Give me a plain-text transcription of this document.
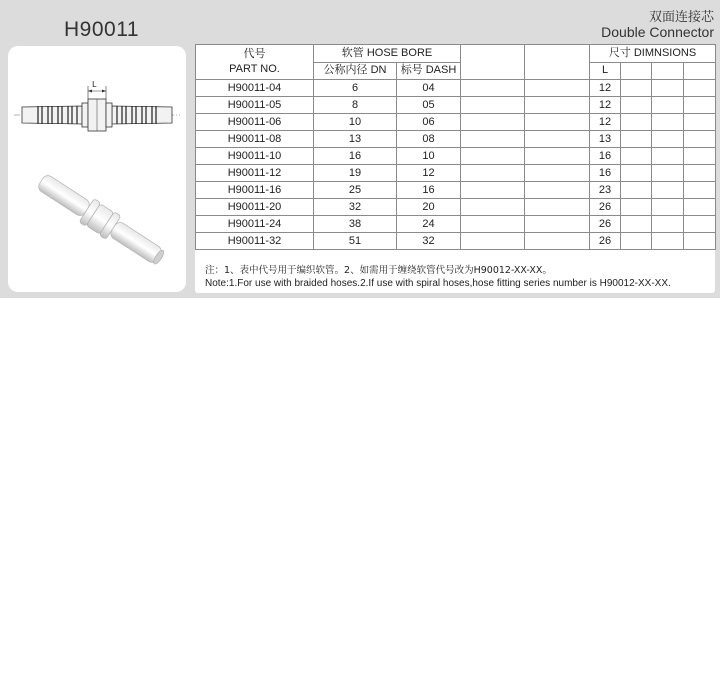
H90011
双面连接芯
Double Connector
L
代号
PART NO.	软管 HOSE BORE				尺寸 DIMNSIONS			
	公称内径 DN	标号 DASH			L			
H90011-04	6	04			12			
H90011-05	8	05			12			
H90011-06	10	06			12			
H90011-08	13	08			13			
H90011-10	16	10			16			
H90011-12	19	12			16			
H90011-16	25	16			23			
H90011-20	32	20			26			
H90011-24	38	24			26			
H90011-32	51	32			26			
注：1、表中代号用于编织软管。2、如需用于缠绕软管代号改为H90012-XX-XX。
Note:1.For use with braided hoses.2.If use with spiral hoses,hose fitting series number is H90012-XX-XX.
